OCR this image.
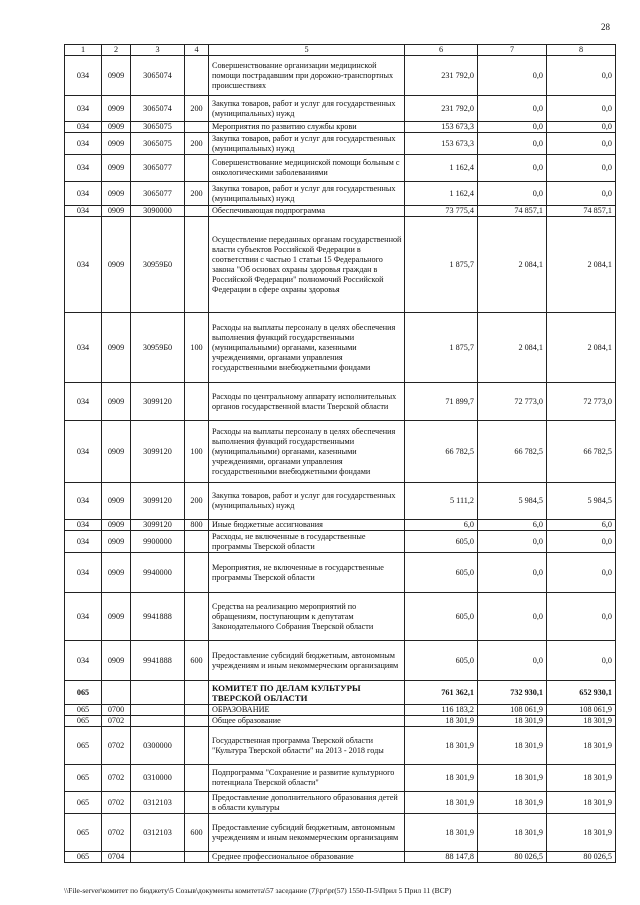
28
1	2	3	4	5	6	7	8
034	0909	3065074		Совершенствование организации медицинской помощи пострадавшим при дорожно-транспортных происшествиях	231 792,0	0,0	0,0
034	0909	3065074	200	Закупка товаров, работ и услуг для государственных (муниципальных) нужд	231 792,0	0,0	0,0
034	0909	3065075		Мероприятия по развитию службы крови	153 673,3	0,0	0,0
034	0909	3065075	200	Закупка товаров, работ и услуг для государственных (муниципальных) нужд	153 673,3	0,0	0,0
034	0909	3065077		Совершенствование медицинской помощи больным с онкологическими заболеваниями	1 162,4	0,0	0,0
034	0909	3065077	200	Закупка товаров, работ и услуг для государственных (муниципальных) нужд	1 162,4	0,0	0,0
034	0909	3090000		Обеспечивающая подпрограмма	73 775,4	74 857,1	74 857,1
034	0909	30959Б0		Осуществление переданных органам государственной власти субъектов Российской Федерации в соответствии с частью 1 статьи 15 Федерального закона "Об основах охраны здоровья граждан в Российской Федерации" полномочий Российской Федерации в сфере охраны здоровья	1 875,7	2 084,1	2 084,1
034	0909	30959Б0	100	Расходы на выплаты персоналу в целях обеспечения выполнения функций государственными (муниципальными) органами, казенными учреждениями, органами управления государственными внебюджетными фондами	1 875,7	2 084,1	2 084,1
034	0909	3099120		Расходы по центральному аппарату исполнительных органов государственной власти Тверской области	71 899,7	72 773,0	72 773,0
034	0909	3099120	100	Расходы на выплаты персоналу в целях обеспечения выполнения функций государственными (муниципальными) органами, казенными учреждениями, органами управления государственными внебюджетными фондами	66 782,5	66 782,5	66 782,5
034	0909	3099120	200	Закупка товаров, работ и услуг для государственных (муниципальных) нужд	5 111,2	5 984,5	5 984,5
034	0909	3099120	800	Иные бюджетные ассигнования	6,0	6,0	6,0
034	0909	9900000		Расходы, не включенные в государственные программы Тверской области	605,0	0,0	0,0
034	0909	9940000		Мероприятия, не включенные в государственные программы Тверской области	605,0	0,0	0,0
034	0909	9941888		Средства на реализацию мероприятий по обращениям, поступающим к депутатам Законодательного Собрания Тверской области	605,0	0,0	0,0
034	0909	9941888	600	Предоставление субсидий бюджетным, автономным учреждениям и иным некоммерческим организациям	605,0	0,0	0,0
065				КОМИТЕТ ПО ДЕЛАМ КУЛЬТУРЫ ТВЕРСКОЙ ОБЛАСТИ	761 362,1	732 930,1	652 930,1
065	0700			ОБРАЗОВАНИЕ	116 183,2	108 061,9	108 061,9
065	0702			Общее образование	18 301,9	18 301,9	18 301,9
065	0702	0300000		Государственная программа Тверской области "Культура Тверской области" на 2013 - 2018 годы	18 301,9	18 301,9	18 301,9
065	0702	0310000		Подпрограмма "Сохранение и развитие культурного потенциала Тверской области"	18 301,9	18 301,9	18 301,9
065	0702	0312103		Предоставление дополнительного образования детей в области культуры	18 301,9	18 301,9	18 301,9
065	0702	0312103	600	Предоставление субсидий бюджетным, автономным учреждениям и иным некоммерческим организациям	18 301,9	18 301,9	18 301,9
065	0704			Среднее профессиональное образование	88 147,8	80 026,5	80 026,5
\\File-server\комитет по бюджету\5 Созыв\документы комитета\57 заседание (7)\pr\pr(57) 1550-П-5\Прил 5 Прил 11 (ВСР)
